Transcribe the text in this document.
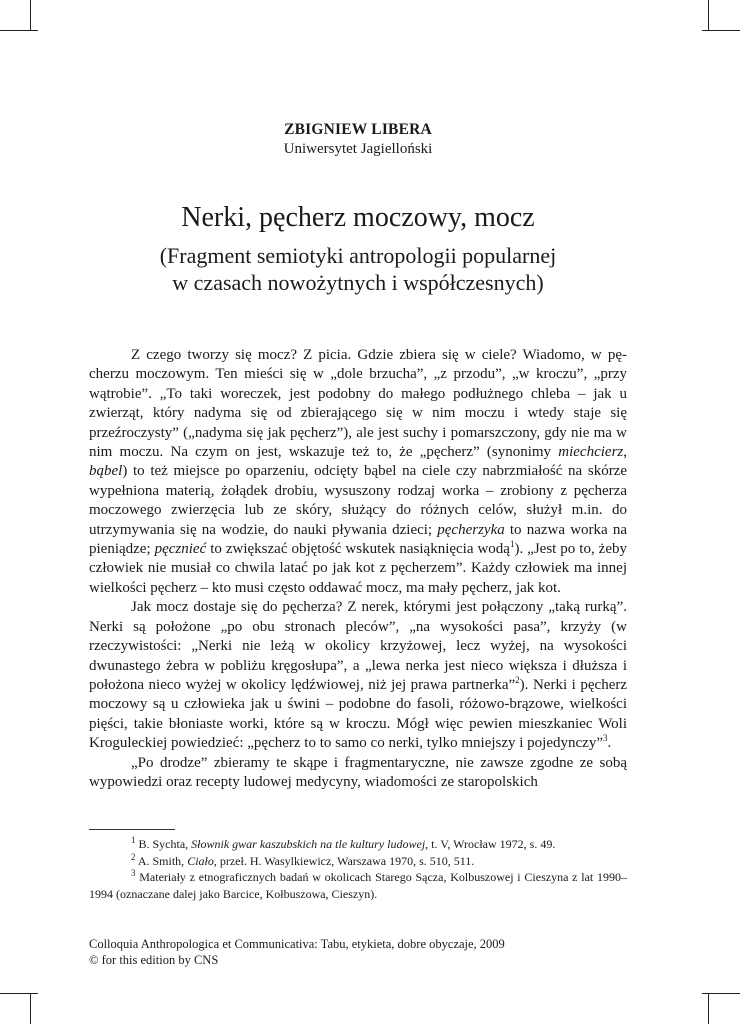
ZBIGNIEW LIBERA
Uniwersytet Jagielloński
Nerki, pęcherz moczowy, mocz
(Fragment semiotyki antropologii popularnej
w czasach nowożytnych i współczesnych)

Z czego tworzy się mocz? Z picia. Gdzie zbiera się w ciele? Wiadomo, w pęcherzu moczowym. Ten mieści się w „dole brzucha”, „z przodu”, „w kroczu”, „przy wątrobie”. „To taki woreczek, jest podobny do małego podłużnego chleba – jak u zwierząt, który nadyma się od zbierającego się w nim moczu i wtedy staje się przeźroczysty” („nadyma się jak pęcherz”), ale jest suchy i pomarszczony, gdy nie ma w nim moczu. Na czym on jest, wskazuje też to, że „pęcherz” (synonimy miechcierz, bąbel) to też miejsce po oparzeniu, odcięty bąbel na ciele czy nabrzmiałość na skórze wypełniona materią, żołądek drobiu, wysuszony rodzaj worka – zrobiony z pęcherza moczowego zwierzęcia lub ze skóry, służący do różnych celów, służył m.in. do utrzymywania się na wodzie, do nauki pływania dzieci; pęcherzyka to nazwa worka na pieniądze; pęcznieć to zwiększać objętość wskutek nasiąknięcia wodą$^1$). „Jest po to, żeby człowiek nie musiał co chwila latać po jak kot z pęcherzem”. Każdy człowiek ma innej wielkości pęcherz – kto musi często oddawać mocz, ma mały pęcherz, jak kot.

Jak mocz dostaje się do pęcherza? Z nerek, którymi jest połączony „taką rurką”. Nerki są położone „po obu stronach pleców”, „na wysokości pasa”, krzyży (w rzeczywistości: „Nerki nie leżą w okolicy krzyżowej, lecz wyżej, na wysokości dwunastego żebra w pobliżu kręgosłupa”, a „lewa nerka jest nieco większa i dłuższa i położona nieco wyżej w okolicy lędźwiowej, niż jej prawa partnerka”$^2$). Nerki i pęcherz moczowy są u człowieka jak u świni – podobne do fasoli, różowo-brązowe, wielkości pięści, takie błoniaste worki, które są w kroczu. Mógł więc pewien mieszkaniec Woli Kroguleckiej powiedzieć: „pęcherz to to samo co nerki, tylko mniejszy i pojedynczy”$^3$.

„Po drodze” zbieramy te skąpe i fragmentaryczne, nie zawsze zgodne ze sobą wypowiedzi oraz recepty ludowej medycyny, wiadomości ze staropolskich

$^1$ B. Sychta, Słownik gwar kaszubskich na tle kultury ludowej, t. V, Wrocław 1972, s. 49.

$^2$ A. Smith, Ciało, przeł. H. Wasylkiewicz, Warszawa 1970, s. 510, 511.

$^3$ Materiały z etnograficznych badań w okolicach Starego Sącza, Kolbuszowej i Cieszyna z lat 1990–1994 (oznaczane dalej jako Barcice, Kołbuszowa, Cieszyn).

Colloquia Anthropologica et Communicativa: Tabu, etykieta, dobre obyczaje, 2009
© for this edition by CNS
